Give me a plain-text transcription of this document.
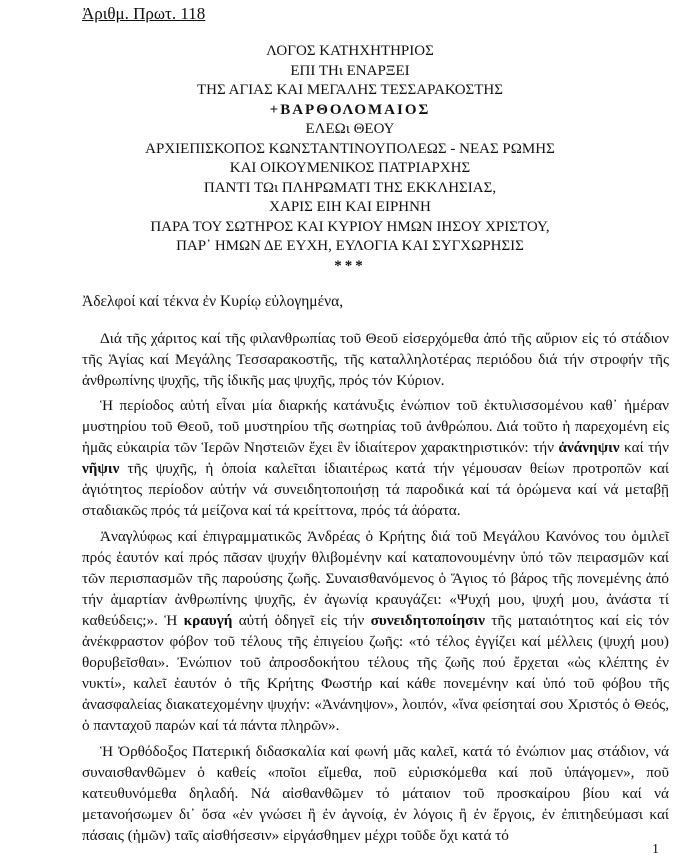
Ἀριθμ. Πρωτ. 118
ΛΟΓΟΣ ΚΑΤΗΧΗΤΗΡΙΟΣ
ΕΠΙ ΤΗι ΕΝΑΡΞΕΙ
ΤΗΣ ΑΓΙΑΣ ΚΑΙ ΜΕΓΑΛΗΣ ΤΕΣΣΑΡΑΚΟΣΤΗΣ
+ΒΑΡΘΟΛΟΜΑΙΟΣ
ΕΛΕΩι ΘΕΟΥ
ΑΡΧΙΕΠΙΣΚΟΠΟΣ ΚΩΝΣΤΑΝΤΙΝΟΥΠΟΛΕΩΣ - ΝΕΑΣ ΡΩΜΗΣ
ΚΑΙ ΟΙΚΟΥΜΕΝΙΚΟΣ ΠΑΤΡΙΑΡΧΗΣ
ΠΑΝΤΙ ΤΩι ΠΛΗΡΩΜΑΤΙ ΤΗΣ ΕΚΚΛΗΣΙΑΣ,
ΧΑΡΙΣ ΕΙΗ ΚΑΙ ΕΙΡΗΝΗ
ΠΑΡΑ ΤΟΥ ΣΩΤΗΡΟΣ ΚΑΙ ΚΥΡΙΟΥ ΗΜΩΝ ΙΗΣΟΥ ΧΡΙΣΤΟΥ,
ΠΑΡ᾿ ΗΜΩΝ ΔΕ ΕΥΧΗ, ΕΥΛΟΓΙΑ ΚΑΙ ΣΥΓΧΩΡΗΣΙΣ
***
Ἀδελφοί καί τέκνα ἐν Κυρίῳ εὐλογημένα,

Διά τῆς χάριτος καί τῆς φιλανθρωπίας τοῦ Θεοῦ εἰσερχόμεθα ἀπό τῆς αὔριον εἰς τό στάδιον τῆς Ἁγίας καί Μεγάλης Τεσσαρακοστῆς, τῆς καταλληλοτέρας περιόδου διά τήν στροφήν τῆς ἀνθρωπίνης ψυχῆς, τῆς ἰδικῆς μας ψυχῆς, πρός τόν Κύριον.

Ἡ περίοδος αὐτή εἶναι μία διαρκής κατάνυξις ἐνώπιον τοῦ ἐκτυλισσομένου καθ᾿ ἡμέραν μυστηρίου τοῦ Θεοῦ, τοῦ μυστηρίου τῆς σωτηρίας τοῦ ἀνθρώπου. Διά τοῦτο ἡ παρεχομένη εἰς ἡμᾶς εὐκαιρία τῶν Ἱερῶν Νηστειῶν ἔχει ἓν ἰδιαίτερον χαρακτηριστικόν: τήν ἀνάνηψιν καί τήν νῆψιν τῆς ψυχῆς, ἡ ὁποία καλεῖται ἰδιαιτέρως κατά τήν γέμουσαν θείων προτροπῶν καί ἁγιότητος περίοδον αὐτήν νά συνειδητοποιήσῃ τά παροδικά καί τά ὁρώμενα καί νά μεταβῇ σταδιακῶς πρός τά μείζονα καί τά κρείττονα, πρός τά ἀόρατα.

Ἀναγλύφως καί ἐπιγραμματικῶς Ἀνδρέας ὁ Κρήτης διά τοῦ Μεγάλου Κανόνος του ὁμιλεῖ πρός ἑαυτόν καί πρός πᾶσαν ψυχήν θλιβομένην καί καταπονουμένην ὑπό τῶν πειρασμῶν καί τῶν περισπασμῶν τῆς παρούσης ζωῆς. Συναισθανόμενος ὁ Ἅγιος τό βάρος τῆς πονεμένης ἀπό τήν ἁμαρτίαν ἀνθρωπίνης ψυχῆς, ἐν ἀγωνίᾳ κραυγάζει: «Ψυχή μου, ψυχή μου, ἀνάστα τί καθεύδεις;». Ἡ κραυγή αὐτή ὁδηγεῖ εἰς τήν συνειδητοποίησιν τῆς ματαιότητος καί εἰς τόν ἀνέκφραστον φόβον τοῦ τέλους τῆς ἐπιγείου ζωῆς: «τό τέλος ἐγγίζει καί μέλλεις (ψυχή μου) θορυβεῖσθαι». Ἐνώπιον τοῦ ἀπροσδοκήτου τέλους τῆς ζωῆς πού ἔρχεται «ὡς κλέπτης ἐν νυκτί», καλεῖ ἑαυτόν ὁ τῆς Κρήτης Φωστήρ καί κάθε πονεμένην καί ὑπό τοῦ φόβου τῆς ἀνασφαλείας διακατεχομένην ψυχήν: «Ἀνάνηψον», λοιπόν, «ἵνα φείσηταί σου Χριστός ὁ Θεός, ὁ πανταχοῦ παρών καί τά πάντα πληρῶν».

Ἡ Ὀρθόδοξος Πατερική διδασκαλία καί φωνή μᾶς καλεῖ, κατά τό ἐνώπιον μας στάδιον, νά συναισθανθῶμεν ὁ καθείς «ποῖοι εἴμεθα, ποῦ εὑρισκόμεθα καί ποῦ ὑπάγομεν», ποῦ κατευθυνόμεθα δηλαδή. Νά αἰσθανθῶμεν τό μάταιον τοῦ προσκαίρου βίου καί νά μετανοήσωμεν δι᾿ ὅσα «ἐν γνώσει ἢ ἐν ἀγνοίᾳ, ἐν λόγοις ἢ ἐν ἔργοις, ἐν ἐπιτηδεύμασι καί πάσαις (ἡμῶν) ταῖς αἰσθήσεσιν» εἰργάσθημεν μέχρι τοῦδε ὄχι κατά τό

1
